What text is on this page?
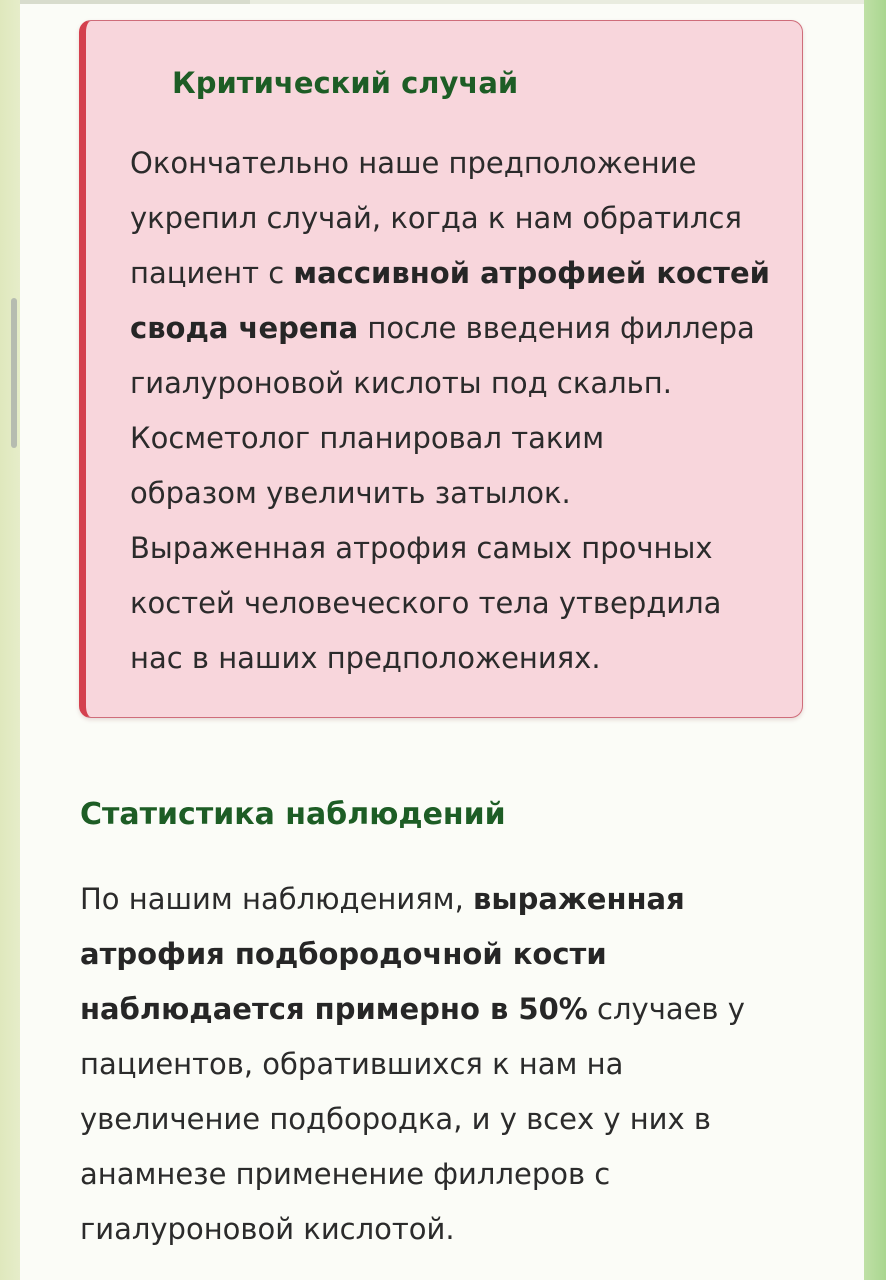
Критический случай

Окончательно наше предположение
укрепил случай, когда к нам обратился
пациент с массивной атрофией костей
свода черепа после введения филлера
гиалуроновой кислоты под скальп.
Косметолог планировал таким
образом увеличить затылок.
Выраженная атрофия самых прочных
костей человеческого тела утвердила
нас в наших предположениях.

Статистика наблюдений

По нашим наблюдениям, выраженная
атрофия подбородочной кости
наблюдается примерно в 50% случаев у
пациентов, обратившихся к нам на
увеличение подбородка, и у всех у них в
анамнезе применение филлеров с
гиалуроновой кислотой.
